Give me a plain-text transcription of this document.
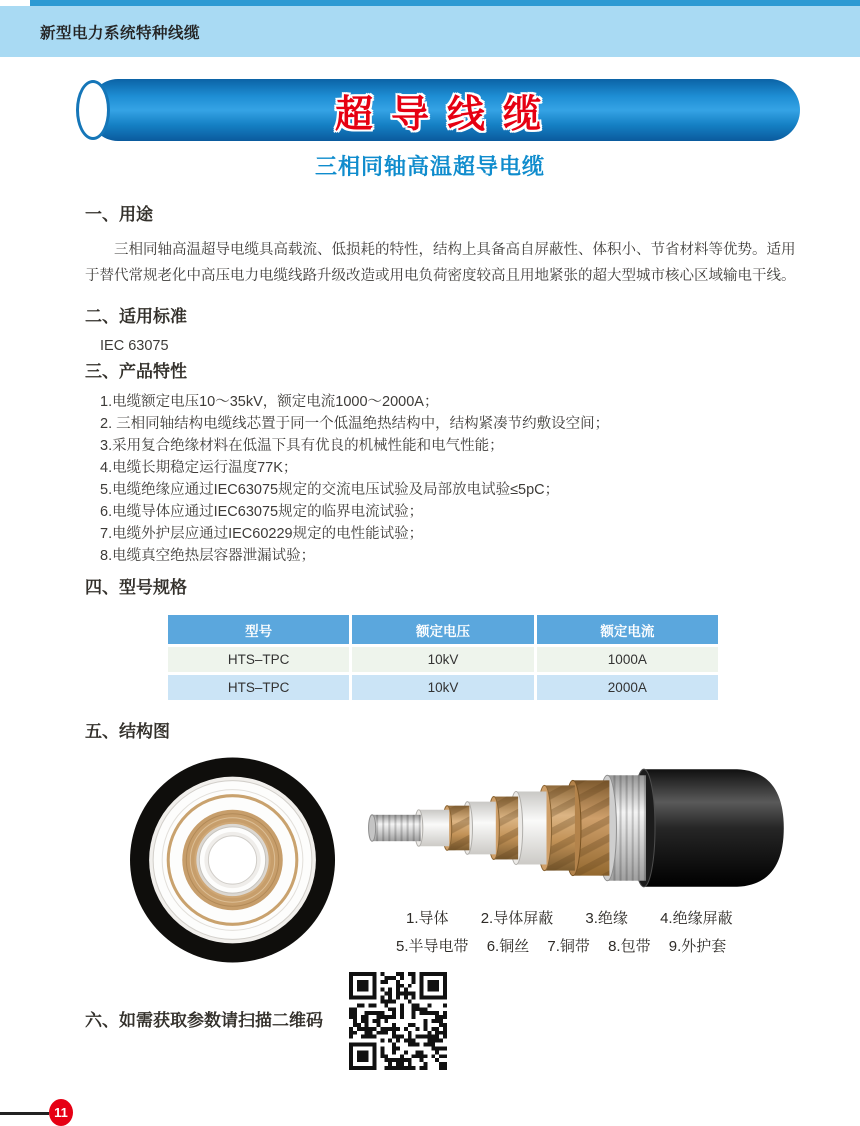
新型电力系统特种线缆
超导线缆
三相同轴高温超导电缆
一、用途

三相同轴高温超导电缆具高载流、低损耗的特性，结构上具备高自屏蔽性、体积小、节省材料等优势。适用于替代常规老化中高压电力电缆线路升级改造或用电负荷密度较高且用地紧张的超大型城市核心区域输电干线。

二、适用标准

IEC 63075

三、产品特性
1.电缆额定电压10～35kV，额定电流1000～2000A；
2. 三相同轴结构电缆线芯置于同一个低温绝热结构中，结构紧凑节约敷设空间；
3.采用复合绝缘材料在低温下具有优良的机械性能和电气性能；
4.电缆长期稳定运行温度77K；
5.电缆绝缘应通过IEC63075规定的交流电压试验及局部放电试验≤5pC；
6.电缆导体应通过IEC63075规定的临界电流试验；
7.电缆外护层应通过IEC60229规定的电性能试验；
8.电缆真空绝热层容器泄漏试验；
四、型号规格
型号	额定电压	额定电流
HTS–TPC	10kV	1000A
HTS–TPC	10kV	2000A
五、结构图
1.导体 2.导体屏蔽 3.绝缘 4.绝缘屏蔽
5.半导电带 6.铜丝 7.铜带 8.包带 9.外护套
六、如需获取参数请扫描二维码
11
